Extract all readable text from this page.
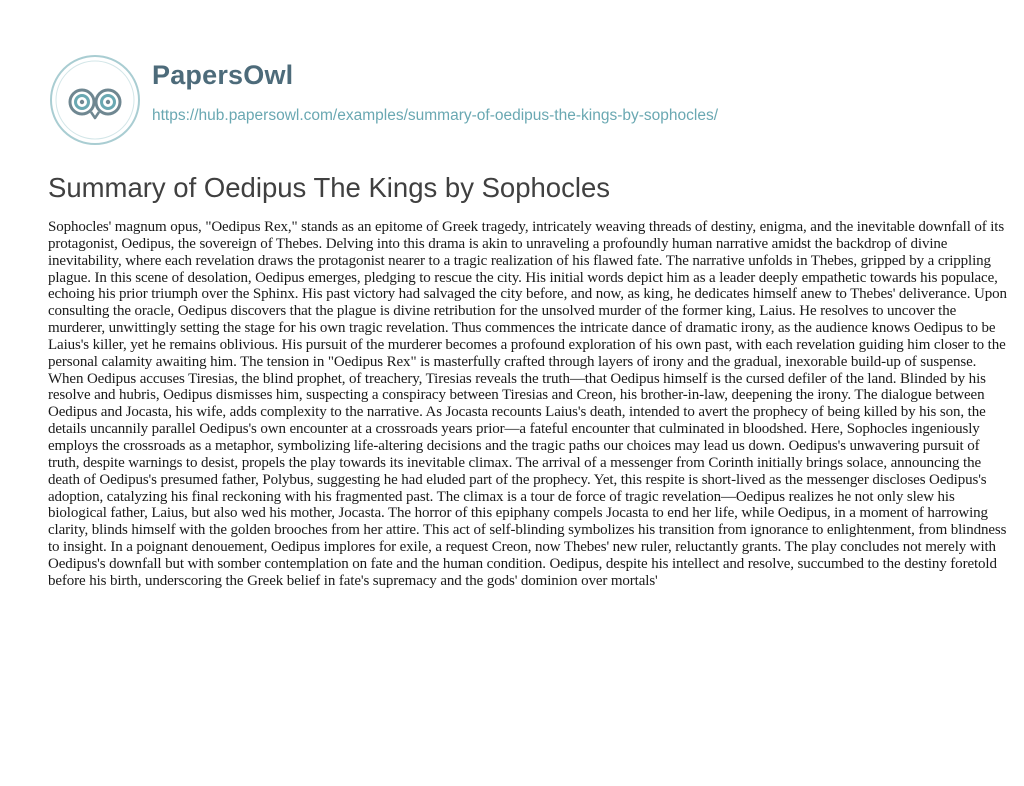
PapersOwl
https://hub.papersowl.com/examples/summary-of-oedipus-the-kings-by-sophocles/
Summary of Oedipus The Kings by Sophocles

Sophocles' magnum opus, "Oedipus Rex," stands as an epitome of Greek tragedy, intricately weaving threads of destiny, enigma, and the inevitable downfall of its protagonist, Oedipus, the sovereign of Thebes. Delving into this drama is akin to unraveling a profoundly human narrative amidst the backdrop of divine inevitability, where each revelation draws the protagonist nearer to a tragic realization of his flawed fate. The narrative unfolds in Thebes, gripped by a crippling plague. In this scene of desolation, Oedipus emerges, pledging to rescue the city. His initial words depict him as a leader deeply empathetic towards his populace, echoing his prior triumph over the Sphinx. His past victory had salvaged the city before, and now, as king, he dedicates himself anew to Thebes' deliverance. Upon consulting the oracle, Oedipus discovers that the plague is divine retribution for the unsolved murder of the former king, Laius. He resolves to uncover the murderer, unwittingly setting the stage for his own tragic revelation. Thus commences the intricate dance of dramatic irony, as the audience knows Oedipus to be Laius's killer, yet he remains oblivious. His pursuit of the murderer becomes a profound exploration of his own past, with each revelation guiding him closer to the personal calamity awaiting him. The tension in "Oedipus Rex" is masterfully crafted through layers of irony and the gradual, inexorable build-up of suspense. When Oedipus accuses Tiresias, the blind prophet, of treachery, Tiresias reveals the truth—that Oedipus himself is the cursed defiler of the land. Blinded by his resolve and hubris, Oedipus dismisses him, suspecting a conspiracy between Tiresias and Creon, his brother-in-law, deepening the irony. The dialogue between Oedipus and Jocasta, his wife, adds complexity to the narrative. As Jocasta recounts Laius's death, intended to avert the prophecy of being killed by his son, the details uncannily parallel Oedipus's own encounter at a crossroads years prior—a fateful encounter that culminated in bloodshed. Here, Sophocles ingeniously employs the crossroads as a metaphor, symbolizing life-altering decisions and the tragic paths our choices may lead us down. Oedipus's unwavering pursuit of truth, despite warnings to desist, propels the play towards its inevitable climax. The arrival of a messenger from Corinth initially brings solace, announcing the death of Oedipus's presumed father, Polybus, suggesting he had eluded part of the prophecy. Yet, this respite is short-lived as the messenger discloses Oedipus's adoption, catalyzing his final reckoning with his fragmented past. The climax is a tour de force of tragic revelation—Oedipus realizes he not only slew his biological father, Laius, but also wed his mother, Jocasta. The horror of this epiphany compels Jocasta to end her life, while Oedipus, in a moment of harrowing clarity, blinds himself with the golden brooches from her attire. This act of self-blinding symbolizes his transition from ignorance to enlightenment, from blindness to insight. In a poignant denouement, Oedipus implores for exile, a request Creon, now Thebes' new ruler, reluctantly grants. The play concludes not merely with Oedipus's downfall but with somber contemplation on fate and the human condition. Oedipus, despite his intellect and resolve, succumbed to the destiny foretold before his birth, underscoring the Greek belief in fate's supremacy and the gods' dominion over mortals'
